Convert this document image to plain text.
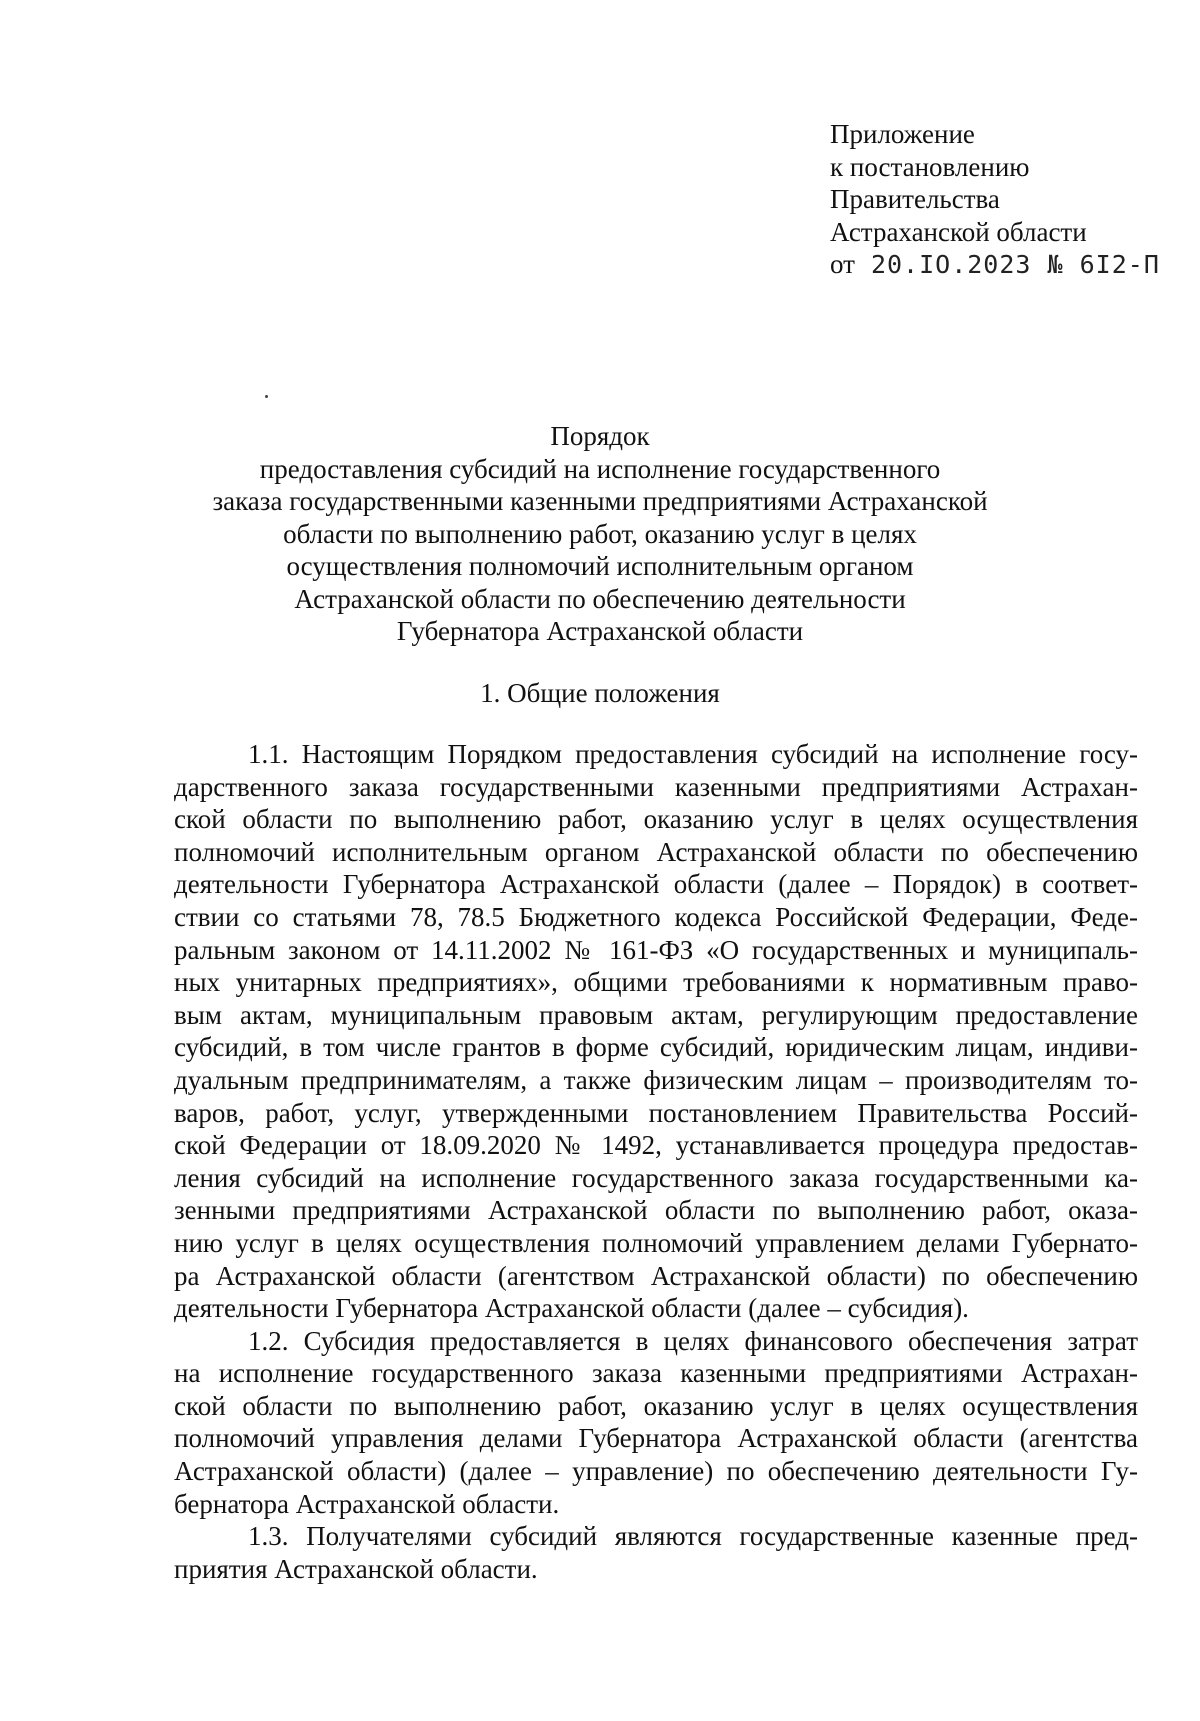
Приложение
к постановлению
Правительства
Астраханской области
от 20.IO.2023 № 6I2-П
Порядок
предоставления субсидий на исполнение государственного
заказа государственными казенными предприятиями Астраханской
области по выполнению работ, оказанию услуг в целях
осуществления полномочий исполнительным органом
Астраханской области по обеспечению деятельности
Губернатора Астраханской области
1. Общие положения
1.1. Настоящим Порядком предоставления субсидий на исполнение госу-
дарственного заказа государственными казенными предприятиями Астрахан-
ской области по выполнению работ, оказанию услуг в целях осуществления
полномочий исполнительным органом Астраханской области по обеспечению
деятельности Губернатора Астраханской области (далее – Порядок) в соответ-
ствии со статьями 78, 78.5 Бюджетного кодекса Российской Федерации, Феде-
ральным законом от 14.11.2002 № 161-ФЗ «О государственных и муниципаль-
ных унитарных предприятиях», общими требованиями к нормативным право-
вым актам, муниципальным правовым актам, регулирующим предоставление
субсидий, в том числе грантов в форме субсидий, юридическим лицам, индиви-
дуальным предпринимателям, а также физическим лицам – производителям то-
варов, работ, услуг, утвержденными постановлением Правительства Россий-
ской Федерации от 18.09.2020 № 1492, устанавливается процедура предостав-
ления субсидий на исполнение государственного заказа государственными ка-
зенными предприятиями Астраханской области по выполнению работ, оказа-
нию услуг в целях осуществления полномочий управлением делами Губернато-
ра Астраханской области (агентством Астраханской области) по обеспечению
деятельности Губернатора Астраханской области (далее – субсидия).
1.2. Субсидия предоставляется в целях финансового обеспечения затрат
на исполнение государственного заказа казенными предприятиями Астрахан-
ской области по выполнению работ, оказанию услуг в целях осуществления
полномочий управления делами Губернатора Астраханской области (агентства
Астраханской области) (далее – управление) по обеспечению деятельности Гу-
бернатора Астраханской области.
1.3. Получателями субсидий являются государственные казенные пред-
приятия Астраханской области.
